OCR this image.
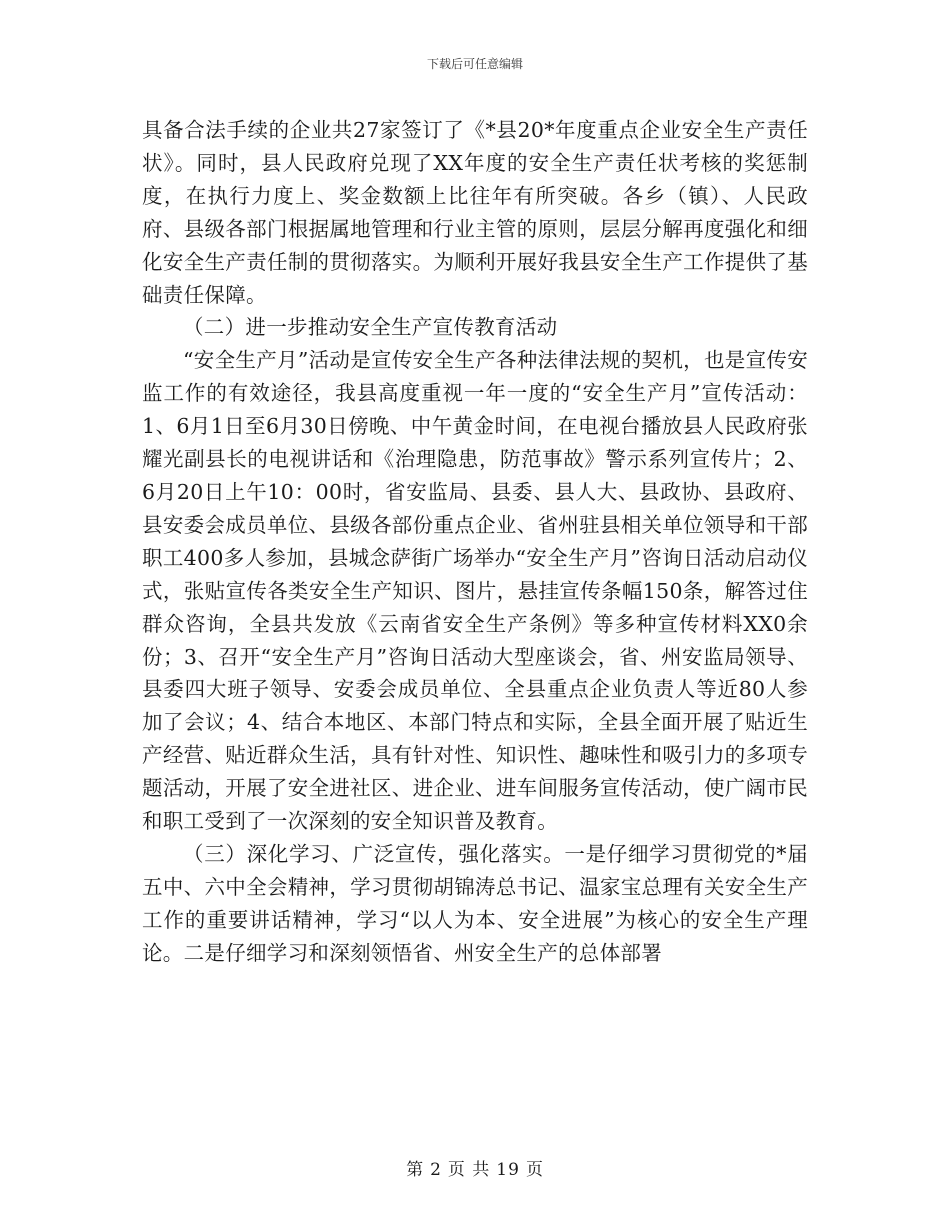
下载后可任意编辑

具备合法手续的企业共27家签订了《*县20*年度重点企业安全生产责任状》。同时，县人民政府兑现了XX年度的安全生产责任状考核的奖惩制度，在执行力度上、奖金数额上比往年有所突破。各乡（镇）、人民政府、县级各部门根据属地管理和行业主管的原则，层层分解再度强化和细化安全生产责任制的贯彻落实。为顺利开展好我县安全生产工作提供了基础责任保障。

（二）进一步推动安全生产宣传教育活动

“安全生产月”活动是宣传安全生产各种法律法规的契机，也是宣传安监工作的有效途径，我县高度重视一年一度的“安全生产月”宣传活动：1、6月1日至6月30日傍晚、中午黄金时间，在电视台播放县人民政府张耀光副县长的电视讲话和《治理隐患，防范事故》警示系列宣传片；2、6月20日上午10：00时，省安监局、县委、县人大、县政协、县政府、县安委会成员单位、县级各部份重点企业、省州驻县相关单位领导和干部职工400多人参加，县城念萨街广场举办“安全生产月”咨询日活动启动仪式，张贴宣传各类安全生产知识、图片，悬挂宣传条幅150条，解答过住群众咨询，全县共发放《云南省安全生产条例》等多种宣传材料XX0余份；3、召开“安全生产月”咨询日活动大型座谈会，省、州安监局领导、县委四大班子领导、安委会成员单位、全县重点企业负责人等近80人参加了会议；4、结合本地区、本部门特点和实际，全县全面开展了贴近生产经营、贴近群众生活，具有针对性、知识性、趣味性和吸引力的多项专题活动，开展了安全进社区、进企业、进车间服务宣传活动，使广阔市民和职工受到了一次深刻的安全知识普及教育。

（三）深化学习、广泛宣传，强化落实。一是仔细学习贯彻党的*届五中、六中全会精神，学习贯彻胡锦涛总书记、温家宝总理有关安全生产工作的重要讲话精神，学习“以人为本、安全进展”为核心的安全生产理论。二是仔细学习和深刻领悟省、州安全生产的总体部署

第 2 页 共 19 页
